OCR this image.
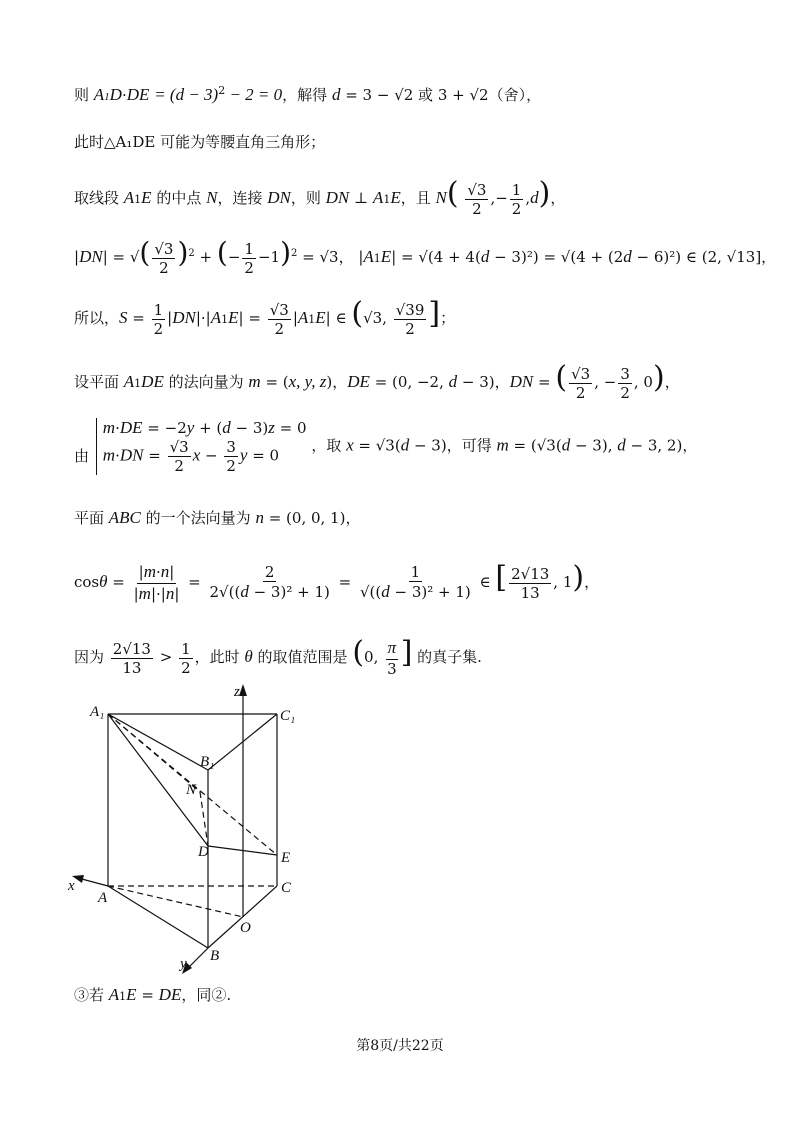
则 $A1D\cdot DE = (d - 3)^2 - 2 = 0$，解得 d = 3 − √2 或 3 + √2（舍），
此时△A₁DE 可能为等腰直角三角形；
取线段 A1E 的中点 N，连接 DN，则 DN ⊥ A1E，且 $N( \frac{√3}{2}$ ,− $\frac{1}{2} ,d$)，
|DN| = √( $\frac{√3}{2} )^2$ + (− $\frac{1}{2} -1)^2 = √3$， |A1E| = √(4 + 4(d − 3)²) = √(4 + (2d − 6)²) ∈ (2, √13]，
所以，$S = \frac{1}{2} |DN|\cdot|A1E| = \frac{√3}{2} |A1E|$ ∈ (√3, $\frac{√39}{2}$ ]；
设平面 A1DE 的法向量为 m = (x, y, z)，DE = (0, −2, d − 3)，DN = ( $\frac{√3}{2}$ , − $\frac{3}{2}$ , 0)，
由
m·DE = −2y + (d − 3)z = 0
$m\cdot DN = \frac{√3}{2}$ $x - \frac{3}{2}$ y = 0
，取 x = √3(d − 3)，可得 m = (√3(d − 3), d − 3, 2)，
平面 ABC 的一个法向量为 n = (0, 0, 1)，
$\cos\theta = \frac{|m\cdot n|}{|m|\cdot|n|} = \frac{2}{\text{2√((d − 3)² + 1)}} = \frac{1}{\text{√((d − 3)² + 1)}}$ ∈ [ $\frac{2√13}{13}$ , 1)，
因为 $\frac{2√13}{13} > \frac{1}{2}$ ，此时 θ 的取值范围是 (0, $\frac{\pi}{3}$ ] 的真子集.
A₁	C₁
B₁
N
D	E
A
C
O
B
x
y
z
③若 A1E = DE，同②.
第8页/共22页
